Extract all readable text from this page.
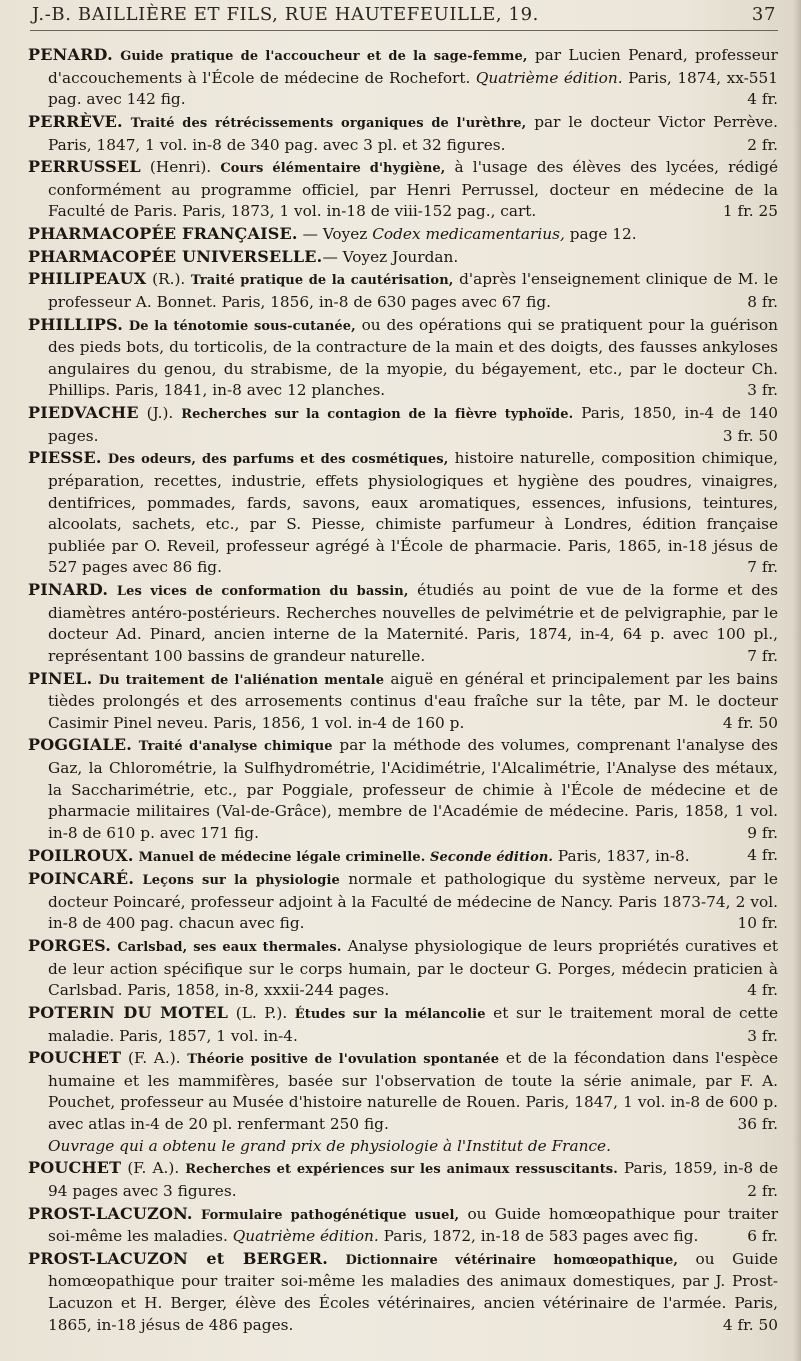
J.-B. BAILLIÈRE ET FILS, RUE HAUTEFEUILLE, 19.	37

PENARD. Guide pratique de l'accoucheur et de la sage-femme, par Lucien Penard, professeur d'accouchements à l'École de médecine de Rochefort. Quatrième édition. Paris, 1874, xx-551 pag. avec 142 fig.	4 fr.

PERRÈVE. Traité des rétrécissements organiques de l'urèthre, par le docteur Victor Perrève. Paris, 1847, 1 vol. in-8 de 340 pag. avec 3 pl. et 32 figures.	2 fr.

PERRUSSEL (Henri). Cours élémentaire d'hygiène, à l'usage des élèves des lycées, rédigé conformément au programme officiel, par Henri Perrussel, docteur en médecine de la Faculté de Paris. Paris, 1873, 1 vol. in-18 de viii-152 pag., cart.	1 fr. 25

PHARMACOPÉE FRANÇAISE. — Voyez Codex medicamentarius, page 12.

PHARMACOPÉE UNIVERSELLE.— Voyez Jourdan.

PHILIPEAUX (R.). Traité pratique de la cautérisation, d'après l'enseignement clinique de M. le professeur A. Bonnet. Paris, 1856, in-8 de 630 pages avec 67 fig.	8 fr.

PHILLIPS. De la ténotomie sous-cutanée, ou des opérations qui se pratiquent pour la guérison des pieds bots, du torticolis, de la contracture de la main et des doigts, des fausses ankyloses angulaires du genou, du strabisme, de la myopie, du bégayement, etc., par le docteur Ch. Phillips. Paris, 1841, in-8 avec 12 planches.	3 fr.

PIEDVACHE (J.). Recherches sur la contagion de la fièvre typhoïde. Paris, 1850, in-4 de 140 pages.	3 fr. 50

PIESSE. Des odeurs, des parfums et des cosmétiques, histoire naturelle, composition chimique, préparation, recettes, industrie, effets physiologiques et hygiène des poudres, vinaigres, dentifrices, pommades, fards, savons, eaux aromatiques, essences, infusions, teintures, alcoolats, sachets, etc., par S. Piesse, chimiste parfumeur à Londres, édition française publiée par O. Reveil, professeur agrégé à l'École de pharmacie. Paris, 1865, in-18 jésus de 527 pages avec 86 fig.	7 fr.

PINARD. Les vices de conformation du bassin, étudiés au point de vue de la forme et des diamètres antéro-postérieurs. Recherches nouvelles de pelvimétrie et de pelvigraphie, par le docteur Ad. Pinard, ancien interne de la Maternité. Paris, 1874, in-4, 64 p. avec 100 pl., représentant 100 bassins de grandeur naturelle.	7 fr.

PINEL. Du traitement de l'aliénation mentale aiguë en général et principalement par les bains tièdes prolongés et des arrosements continus d'eau fraîche sur la tête, par M. le docteur Casimir Pinel neveu. Paris, 1856, 1 vol. in-4 de 160 p.	4 fr. 50

POGGIALE. Traité d'analyse chimique par la méthode des volumes, comprenant l'analyse des Gaz, la Chlorométrie, la Sulfhydrométrie, l'Acidimétrie, l'Alcalimétrie, l'Analyse des métaux, la Saccharimétrie, etc., par Poggiale, professeur de chimie à l'École de médecine et de pharmacie militaires (Val-de-Grâce), membre de l'Académie de médecine. Paris, 1858, 1 vol. in-8 de 610 p. avec 171 fig.	9 fr.

POILROUX. Manuel de médecine légale criminelle. Seconde édition. Paris, 1837, in-8.	4 fr.

POINCARÉ. Leçons sur la physiologie normale et pathologique du système nerveux, par le docteur Poincaré, professeur adjoint à la Faculté de médecine de Nancy. Paris 1873-74, 2 vol. in-8 de 400 pag. chacun avec fig.	10 fr.

PORGES. Carlsbad, ses eaux thermales. Analyse physiologique de leurs propriétés curatives et de leur action spécifique sur le corps humain, par le docteur G. Porges, médecin praticien à Carlsbad. Paris, 1858, in-8, xxxii-244 pages.	4 fr.

POTERIN DU MOTEL (L. P.). Études sur la mélancolie et sur le traitement moral de cette maladie. Paris, 1857, 1 vol. in-4.	3 fr.

POUCHET (F. A.). Théorie positive de l'ovulation spontanée et de la fécondation dans l'espèce humaine et les mammifères, basée sur l'observation de toute la série animale, par F. A. Pouchet, professeur au Musée d'histoire naturelle de Rouen. Paris, 1847, 1 vol. in-8 de 600 p. avec atlas in-4 de 20 pl. renfermant 250 fig.	36 fr.

Ouvrage qui a obtenu le grand prix de physiologie à l'Institut de France.

POUCHET (F. A.). Recherches et expériences sur les animaux ressuscitants. Paris, 1859, in-8 de 94 pages avec 3 figures.	2 fr.

PROST-LACUZON. Formulaire pathogénétique usuel, ou Guide homœopathique pour traiter soi-même les maladies. Quatrième édition. Paris, 1872, in-18 de 583 pages avec fig.	6 fr.

PROST-LACUZON et BERGER. Dictionnaire vétérinaire homœopathique, ou Guide homœopathique pour traiter soi-même les maladies des animaux domestiques, par J. Prost-Lacuzon et H. Berger, élève des Écoles vétérinaires, ancien vétérinaire de l'armée. Paris, 1865, in-18 jésus de 486 pages.	4 fr. 50
